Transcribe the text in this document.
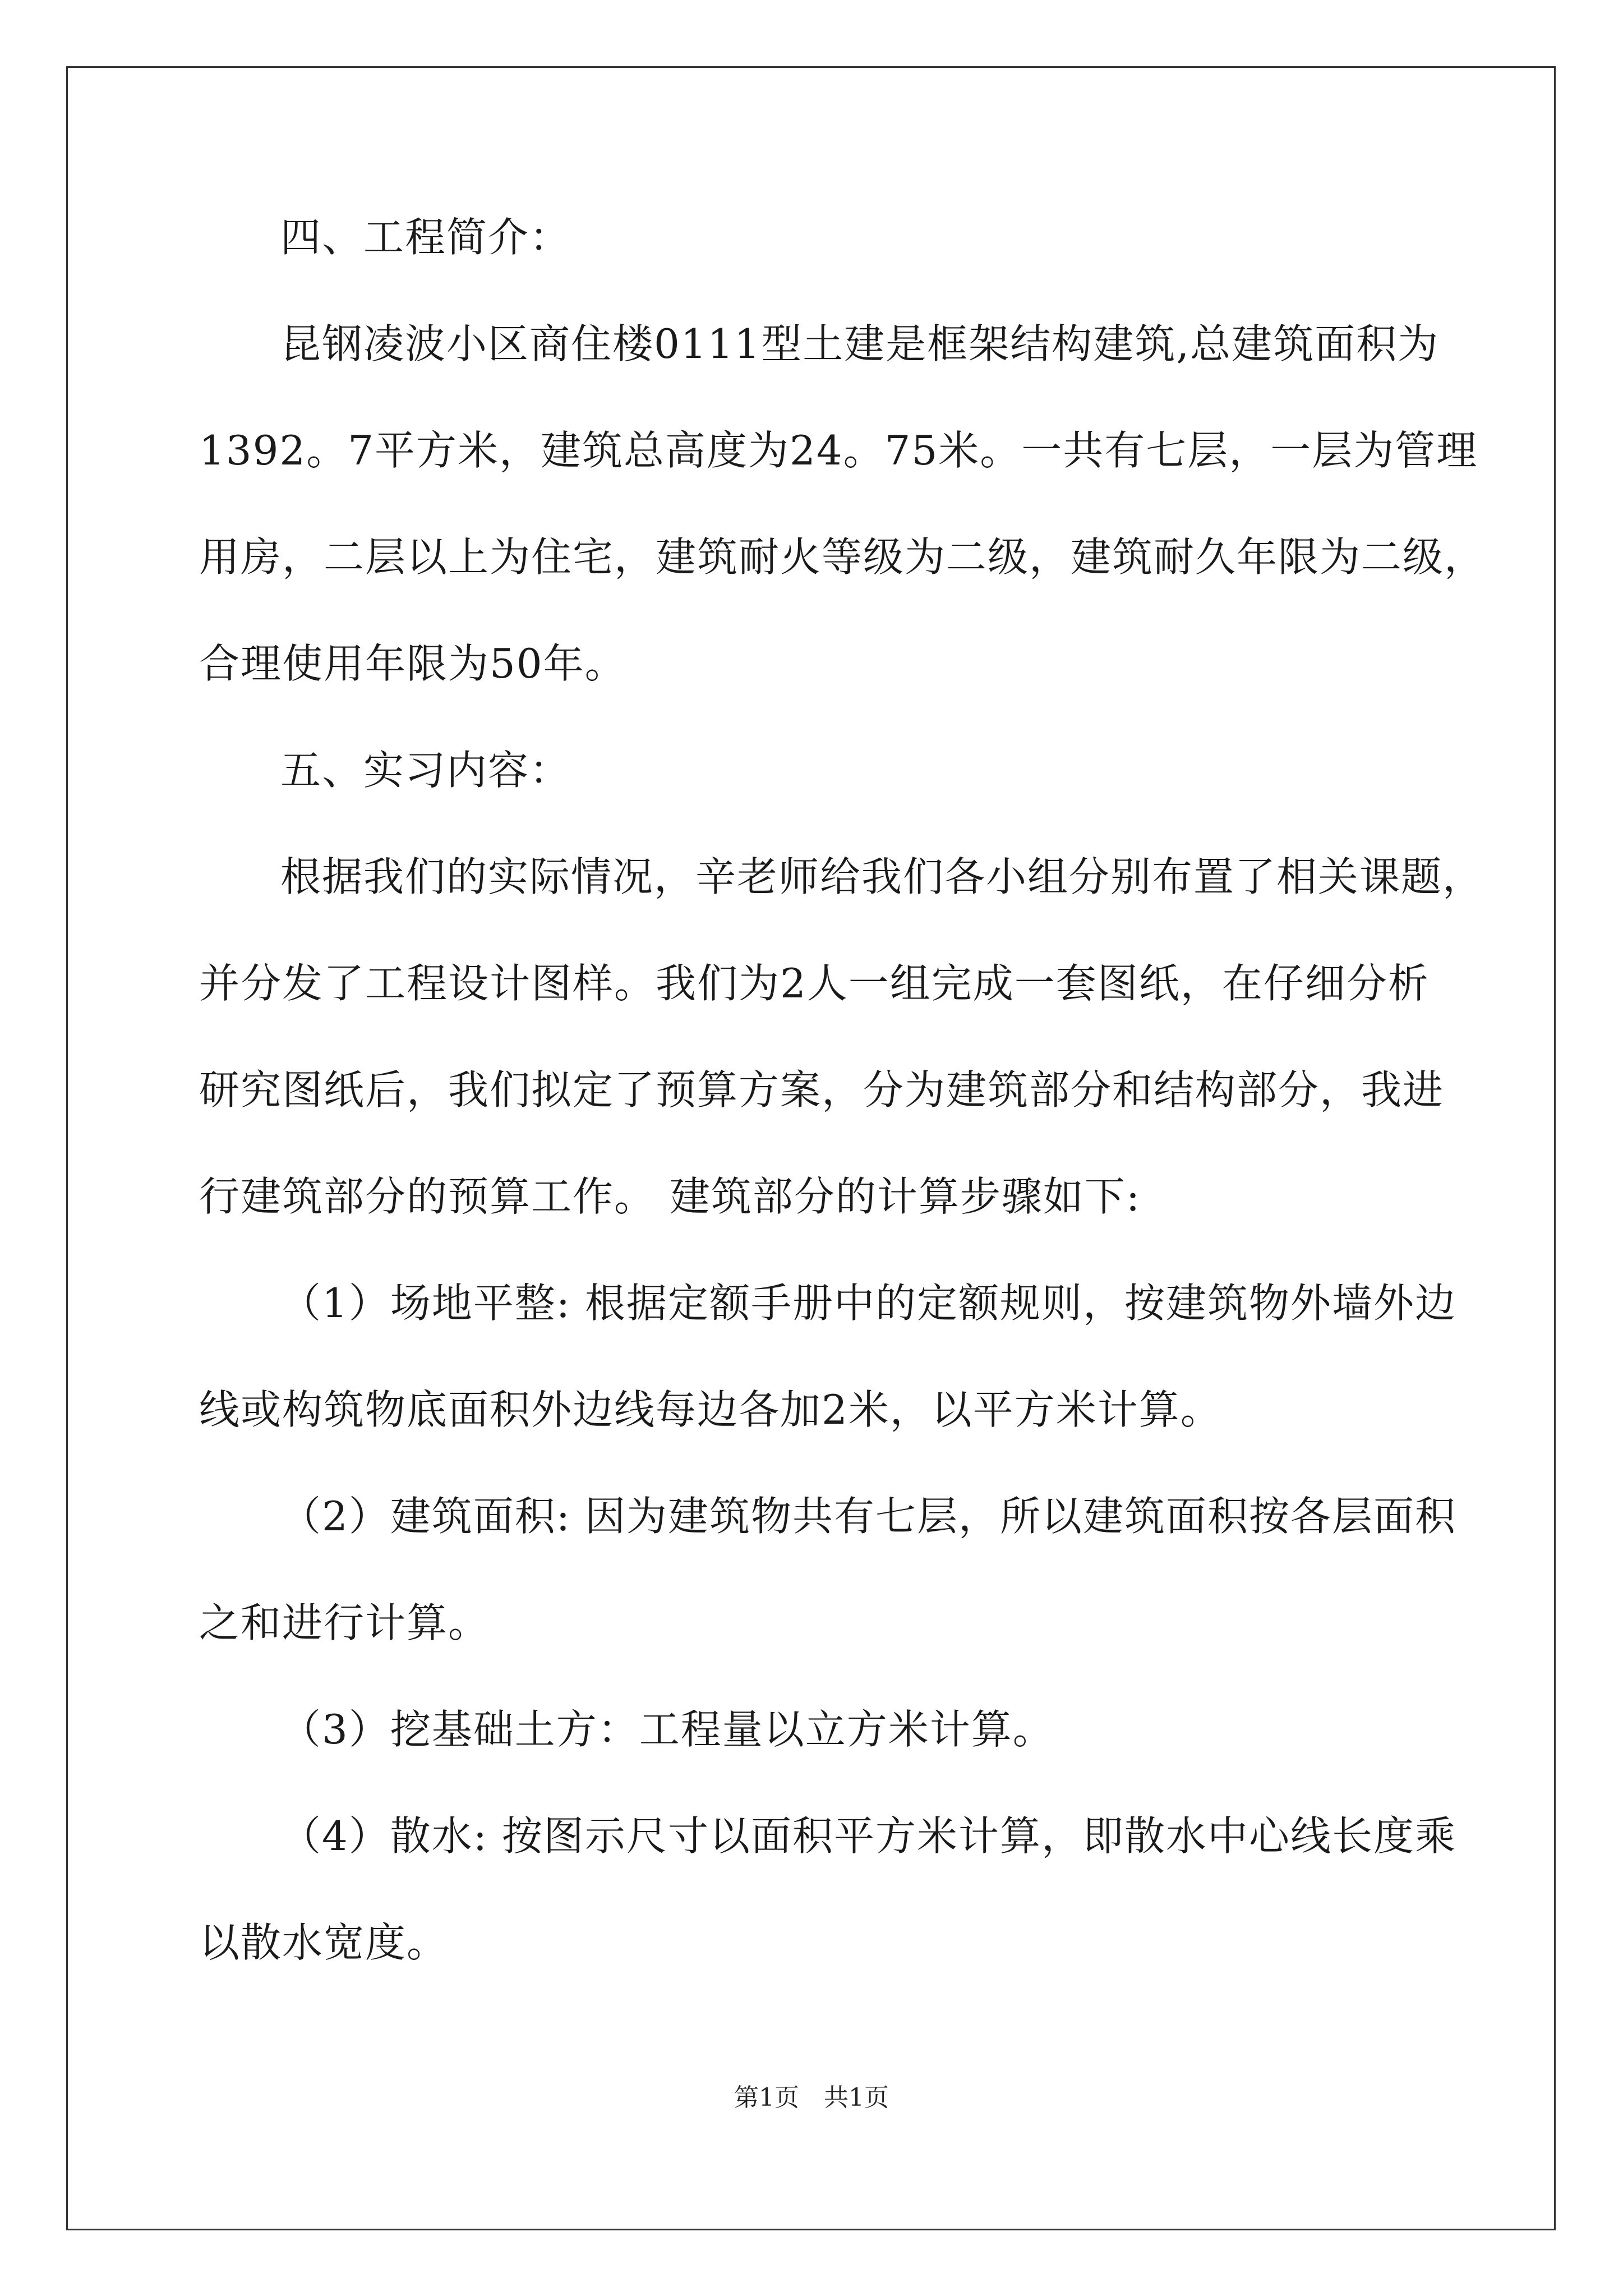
四、工程简介：

昆钢凌波小区商住楼0111型土建是框架结构建筑,总建筑面积为

1392。7平方米，建筑总高度为24。75米。一共有七层，一层为管理

用房，二层以上为住宅，建筑耐火等级为二级，建筑耐久年限为二级，

合理使用年限为50年。

五、实习内容：

根据我们的实际情况，辛老师给我们各小组分别布置了相关课题，

并分发了工程设计图样。我们为2人一组完成一套图纸，在仔细分析

研究图纸后，我们拟定了预算方案，分为建筑部分和结构部分，我进

行建筑部分的预算工作。 建筑部分的计算步骤如下:

（1）场地平整: 根据定额手册中的定额规则，按建筑物外墙外边

线或构筑物底面积外边线每边各加2米，以平方米计算。

（2）建筑面积: 因为建筑物共有七层，所以建筑面积按各层面积

之和进行计算。

（3）挖基础土方：工程量以立方米计算。

（4）散水: 按图示尺寸以面积平方米计算，即散水中心线长度乘

以散水宽度。

第1页　共1页
